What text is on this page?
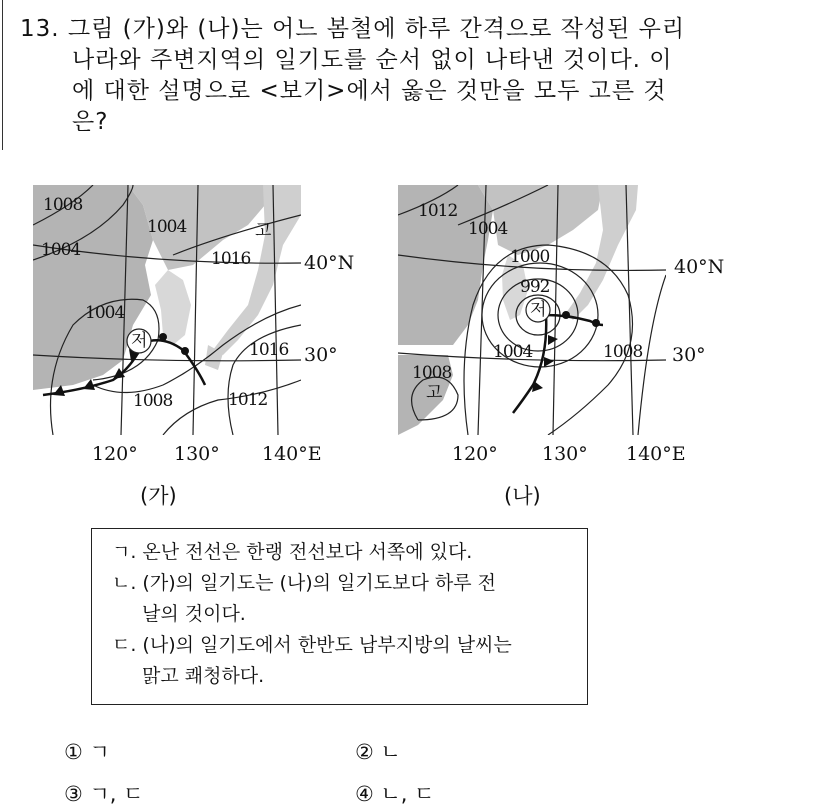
13. 그림 (가)와 (나)는 어느 봄철에 하루 간격으로 작성된 우리
나라와 주변지역의 일기도를 순서 없이 나타낸 것이다. 이
에 대한 설명으로 <보기>에서 옳은 것만을 모두 고른 것
은?
1008
1004
1004	1016
1004
1016
1008	1012
고
저
40°N
30°
120° 130° 140°E
(가)
1012
1004
1000
992
1004	1008
1008
고
저
40°N
30°
120° 130° 140°E
(나)
ㄱ. 온난 전선은 한랭 전선보다 서쪽에 있다.
ㄴ. (가)의 일기도는 (나)의 일기도보다 하루 전
날의 것이다.
ㄷ. (나)의 일기도에서 한반도 남부지방의 날씨는
맑고 쾌청하다.
① ㄱ	② ㄴ
③ ㄱ, ㄷ	④ ㄴ, ㄷ
